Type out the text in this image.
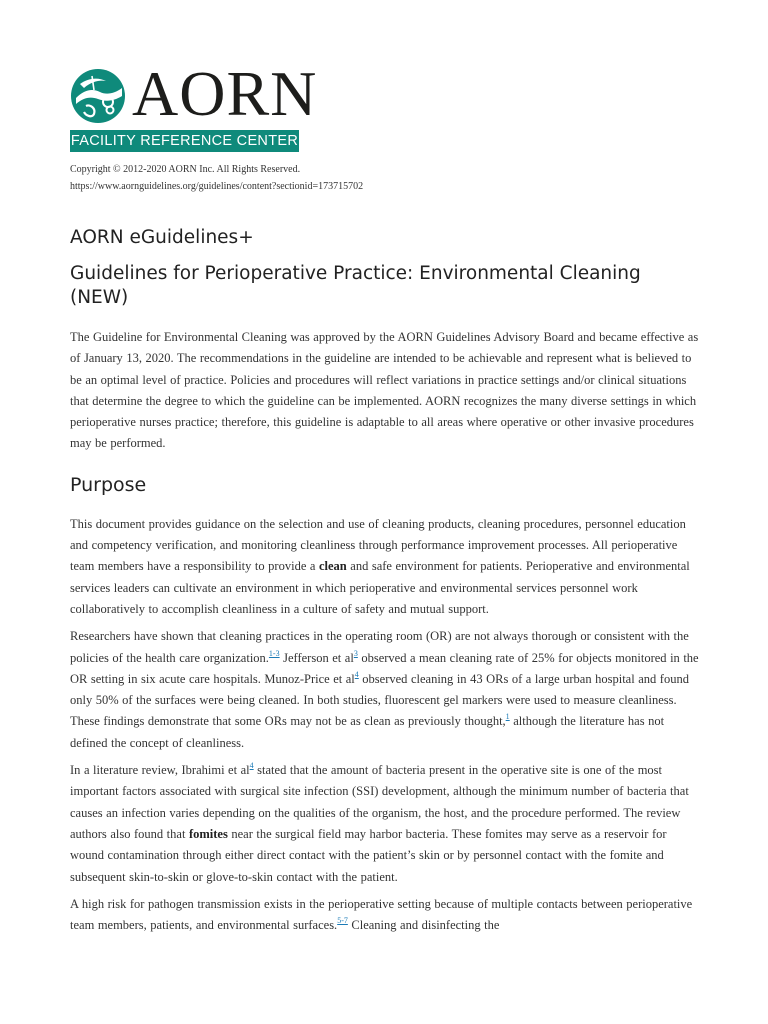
AORN
FACILITY REFERENCE CENTER
Copyright © 2012-2020 AORN Inc. All Rights Reserved.
https://www.aornguidelines.org/guidelines/content?sectionid=173715702
AORN eGuidelines+
Guidelines for Perioperative Practice: Environmental Cleaning (NEW)

The Guideline for Environmental Cleaning was approved by the AORN Guidelines Advisory Board and became effective as of January 13, 2020. The recommendations in the guideline are intended to be achievable and represent what is believed to be an optimal level of practice. Policies and procedures will reflect variations in practice settings and/or clinical situations that determine the degree to which the guideline can be implemented. AORN recognizes the many diverse settings in which perioperative nurses practice; therefore, this guideline is adaptable to all areas where operative or other invasive procedures may be performed.

Purpose

This document provides guidance on the selection and use of cleaning products, cleaning procedures, personnel education and competency verification, and monitoring cleanliness through performance improvement processes. All perioperative team members have a responsibility to provide a clean and safe environment for patients. Perioperative and environmental services leaders can cultivate an environment in which perioperative and environmental services personnel work collaboratively to accomplish cleanliness in a culture of safety and mutual support.

Researchers have shown that cleaning practices in the operating room (OR) are not always thorough or consistent with the policies of the health care organization.$^{1-3}$ Jefferson et al$^3$ observed a mean cleaning rate of 25% for objects monitored in the OR setting in six acute care hospitals. Munoz-Price et al$^4$ observed cleaning in 43 ORs of a large urban hospital and found only 50% of the surfaces were being cleaned. In both studies, fluorescent gel markers were used to measure cleanliness. These findings demonstrate that some ORs may not be as clean as previously thought,$^1$ although the literature has not defined the concept of cleanliness.

In a literature review, Ibrahimi et al$^4$ stated that the amount of bacteria present in the operative site is one of the most important factors associated with surgical site infection (SSI) development, although the minimum number of bacteria that causes an infection varies depending on the qualities of the organism, the host, and the procedure performed. The review authors also found that fomites near the surgical field may harbor bacteria. These fomites may serve as a reservoir for wound contamination through either direct contact with the patient’s skin or by personnel contact with the fomite and subsequent skin-to-skin or glove-to-skin contact with the patient.

A high risk for pathogen transmission exists in the perioperative setting because of multiple contacts between perioperative team members, patients, and environmental surfaces.$^{5-7}$ Cleaning and disinfecting the
